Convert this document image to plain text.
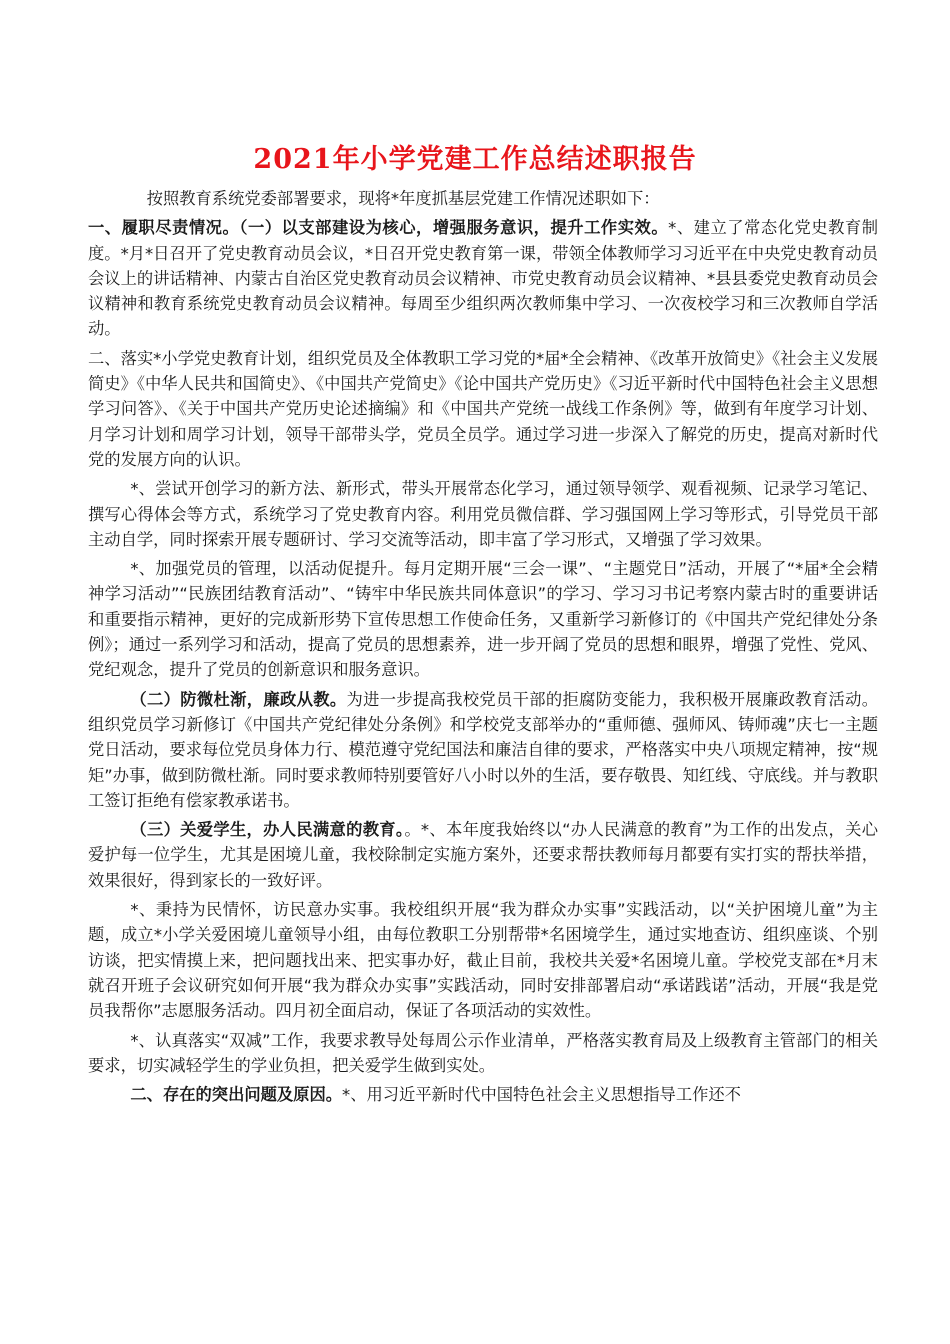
2021年小学党建工作总结述职报告

按照教育系统党委部署要求，现将*年度抓基层党建工作情况述职如下：

一、履职尽责情况。（一）以支部建设为核心，增强服务意识，提升工作实效。*、建立了常态化党史教育制度。*月*日召开了党史教育动员会议，*日召开党史教育第一课，带领全体教师学习习近平在中央党史教育动员会议上的讲话精神、内蒙古自治区党史教育动员会议精神、市党史教育动员会议精神、*县县委党史教育动员会议精神和教育系统党史教育动员会议精神。每周至少组织两次教师集中学习、一次夜校学习和三次教师自学活动。

二、落实*小学党史教育计划，组织党员及全体教职工学习党的*届*全会精神、《改革开放简史》《社会主义发展简史》《中华人民共和国简史》、《中国共产党简史》《论中国共产党历史》《习近平新时代中国特色社会主义思想学习问答》、《关于中国共产党历史论述摘编》和《中国共产党统一战线工作条例》等，做到有年度学习计划、月学习计划和周学习计划，领导干部带头学，党员全员学。通过学习进一步深入了解党的历史，提高对新时代党的发展方向的认识。

*、尝试开创学习的新方法、新形式，带头开展常态化学习，通过领导领学、观看视频、记录学习笔记、撰写心得体会等方式，系统学习了党史教育内容。利用党员微信群、学习强国网上学习等形式，引导党员干部主动自学，同时探索开展专题研讨、学习交流等活动，即丰富了学习形式，又增强了学习效果。

*、加强党员的管理，以活动促提升。每月定期开展“三会一课”、“主题党日”活动，开展了“*届*全会精神学习活动”“民族团结教育活动”、“铸牢中华民族共同体意识”的学习、学习习书记考察内蒙古时的重要讲话和重要指示精神，更好的完成新形势下宣传思想工作使命任务，又重新学习新修订的《中国共产党纪律处分条例》；通过一系列学习和活动，提高了党员的思想素养，进一步开阔了党员的思想和眼界，增强了党性、党风、党纪观念，提升了党员的创新意识和服务意识。

（二）防微杜渐，廉政从教。为进一步提高我校党员干部的拒腐防变能力，我积极开展廉政教育活动。组织党员学习新修订《中国共产党纪律处分条例》和学校党支部举办的“重师德、强师风、铸师魂”庆七一主题党日活动，要求每位党员身体力行、模范遵守党纪国法和廉洁自律的要求，严格落实中央八项规定精神，按“规矩”办事，做到防微杜渐。同时要求教师特别要管好八小时以外的生活，要存敬畏、知红线、守底线。并与教职工签订拒绝有偿家教承诺书。

（三）关爱学生，办人民满意的教育。。*、本年度我始终以“办人民满意的教育”为工作的出发点，关心爱护每一位学生，尤其是困境儿童，我校除制定实施方案外，还要求帮扶教师每月都要有实打实的帮扶举措，效果很好，得到家长的一致好评。

*、秉持为民情怀，访民意办实事。我校组织开展“我为群众办实事”实践活动，以“关护困境儿童”为主题，成立*小学关爱困境儿童领导小组，由每位教职工分别帮带*名困境学生，通过实地查访、组织座谈、个别访谈，把实情摸上来，把问题找出来、把实事办好，截止目前，我校共关爱*名困境儿童。学校党支部在*月末就召开班子会议研究如何开展“我为群众办实事”实践活动，同时安排部署启动“承诺践诺”活动，开展“我是党员我帮你”志愿服务活动。四月初全面启动，保证了各项活动的实效性。

*、认真落实“双减”工作，我要求教导处每周公示作业清单，严格落实教育局及上级教育主管部门的相关要求，切实减轻学生的学业负担，把关爱学生做到实处。

二、存在的突出问题及原因。*、用习近平新时代中国特色社会主义思想指导工作还不
